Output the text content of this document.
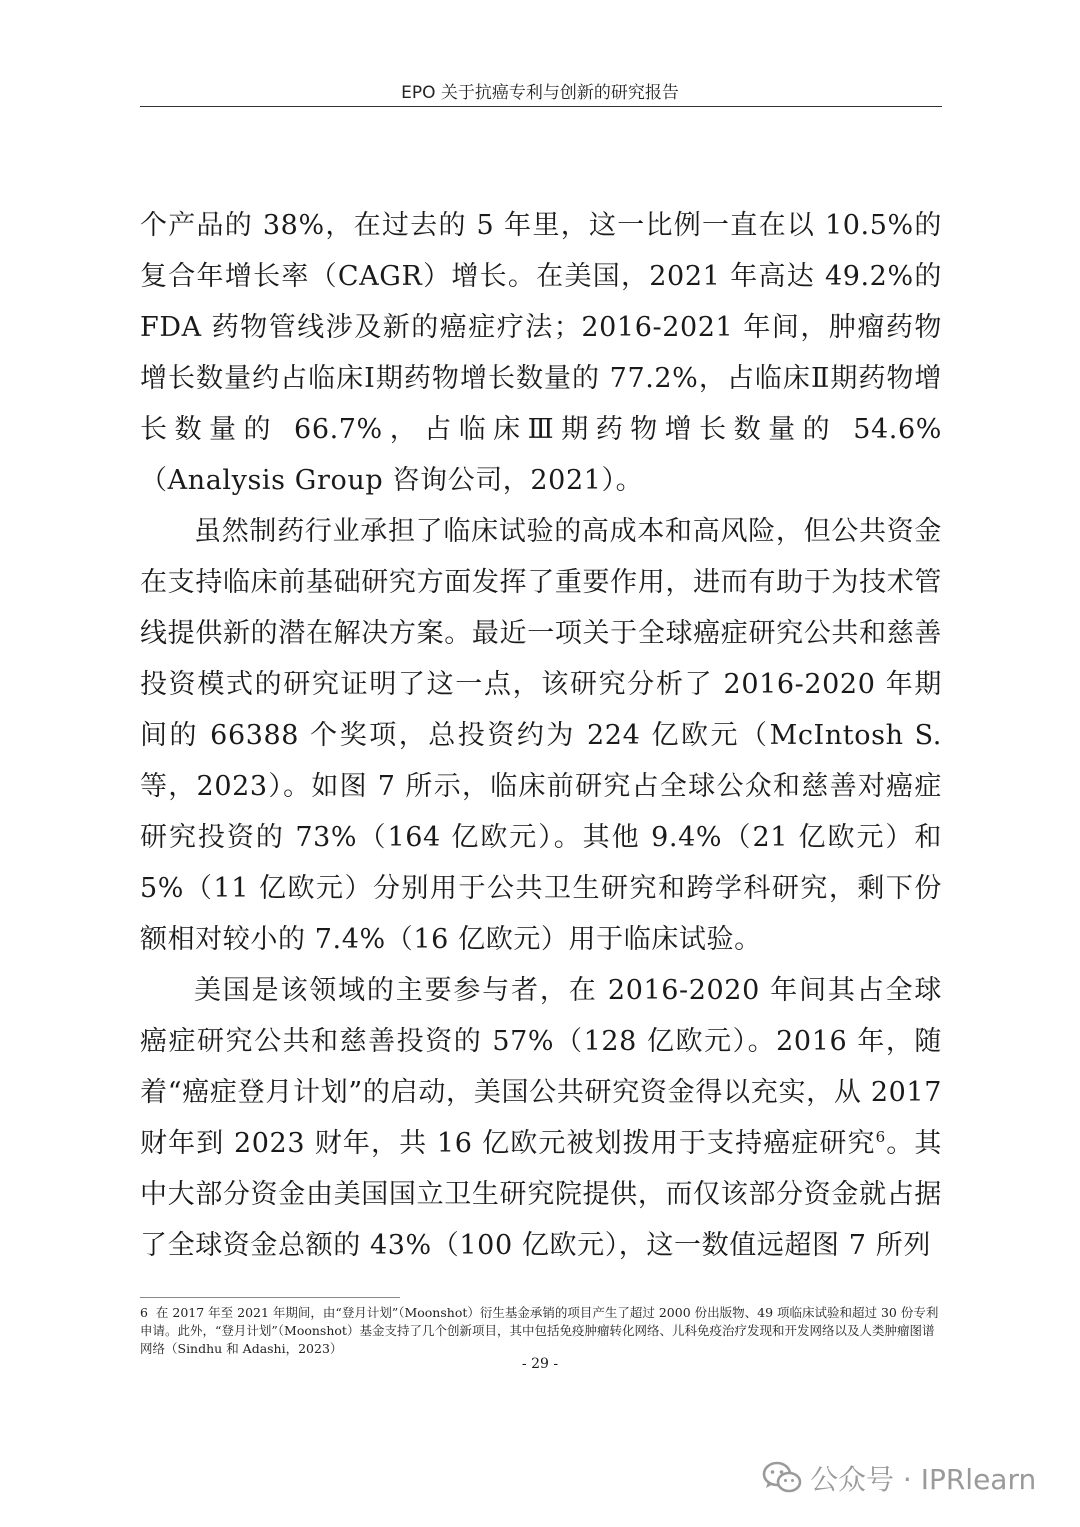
EPO 关于抗癌专利与创新的研究报告

个产品的 38%，在过去的 5 年里，这一比例一直在以 10.5%的复合年增长率（CAGR）增长。在美国，2021 年高达 49.2%的 FDA 药物管线涉及新的癌症疗法；2016-2021 年间，肿瘤药物增长数量约占临床Ⅰ期药物增长数量的 77.2%，占临床Ⅱ期药物增长数量的 66.7%，占临床Ⅲ期药物增长数量的 54.6%（Analysis Group 咨询公司，2021）。

虽然制药行业承担了临床试验的高成本和高风险，但公共资金在支持临床前基础研究方面发挥了重要作用，进而有助于为技术管线提供新的潜在解决方案。最近一项关于全球癌症研究公共和慈善投资模式的研究证明了这一点，该研究分析了 2016-2020 年期间的 66388 个奖项，总投资约为 224 亿欧元（McIntosh S. 等，2023）。如图 7 所示，临床前研究占全球公众和慈善对癌症研究投资的 73%（164 亿欧元）。其他 9.4%（21 亿欧元）和 5%（11 亿欧元）分别用于公共卫生研究和跨学科研究，剩下份额相对较小的 7.4%（16 亿欧元）用于临床试验。

美国是该领域的主要参与者，在 2016-2020 年间其占全球癌症研究公共和慈善投资的 57%（128 亿欧元）。2016 年，随着“癌症登月计划”的启动，美国公共研究资金得以充实，从 2017 财年到 2023 财年，共 16 亿欧元被划拨用于支持癌症研究$^6$。其中大部分资金由美国国立卫生研究院提供，而仅该部分资金就占据了全球资金总额的 43%（100 亿欧元），这一数值远超图 7 所列

6 在 2017 年至 2021 年期间，由“登月计划”（Moonshot）衍生基金承销的项目产生了超过 2000 份出版物、49 项临床试验和超过 30 份专利申请。此外，“登月计划”（Moonshot）基金支持了几个创新项目，其中包括免疫肿瘤转化网络、儿科免疫治疗发现和开发网络以及人类肿瘤图谱网络（Sindhu 和 Adashi，2023）
- 29 -
公众号 · IPRlearn
